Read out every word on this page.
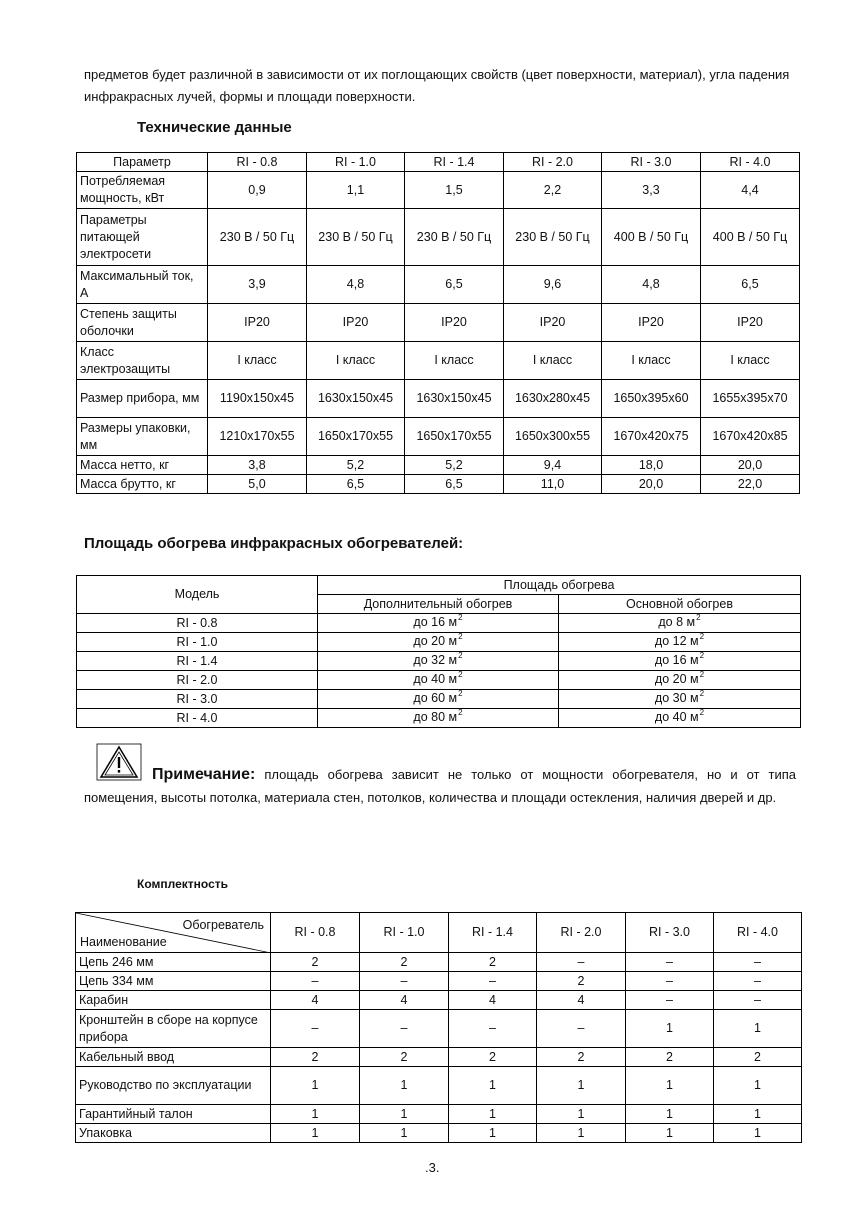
предметов будет различной в зависимости от их поглощающих свойств (цвет поверхности, материал), угла падения инфракрасных лучей, формы и площади поверхности.
Технические данные
Параметр	RI - 0.8	RI - 1.0	RI - 1.4	RI - 2.0	RI - 3.0	RI - 4.0
Потребляемая мощность, кВт	0,9	1,1	1,5	2,2	3,3	4,4
Параметры питающей электросети	230 В / 50 Гц	230 В / 50 Гц	230 В / 50 Гц	230 В / 50 Гц	400 В / 50 Гц	400 В / 50 Гц
Максимальный ток, А	3,9	4,8	6,5	9,6	4,8	6,5
Степень защиты оболочки	IP20	IP20	IP20	IP20	IP20	IP20
Класс электрозащиты	I класс	I класс	I класс	I класс	I класс	I класс
Размер прибора, мм	1190х150х45	1630х150х45	1630х150х45	1630х280х45	1650х395х60	1655х395х70
Размеры упаковки, мм	1210х170х55	1650х170х55	1650х170х55	1650х300х55	1670х420х75	1670х420х85
Масса нетто, кг	3,8	5,2	5,2	9,4	18,0	20,0
Масса брутто, кг	5,0	6,5	6,5	11,0	20,0	22,0
Площадь обогрева инфракрасных обогревателей:
Модель	Площадь обогрева	
	Дополнительный обогрев	Основной обогрев
RI - 0.8	до 16 $м^2$	до 8 $м^2$
RI - 1.0	до 20 $м^2$	до 12 $м^2$
RI - 1.4	до 32 $м^2$	до 16 $м^2$
RI - 2.0	до 40 $м^2$	до 20 $м^2$
RI - 3.0	до 60 $м^2$	до 30 $м^2$
RI - 4.0	до 80 $м^2$	до 40 $м^2$
Примечание: площадь обогрева зависит не только от мощности обогревателя, но и от типа помещения, высоты потолка, материала стен, потолков, количества и площади остекления, наличия дверей и др.
Комплектность
Обогреватель
Наименование	RI - 0.8	RI - 1.0	RI - 1.4	RI - 2.0	RI - 3.0	RI - 4.0
Цепь 246 мм	2	2	2	–	–	–
Цепь 334 мм	–	–	–	2	–	–
Карабин	4	4	4	4	–	–
Кронштейн в сборе на корпусе прибора	–	–	–	–	1	1
Кабельный ввод	2	2	2	2	2	2
Руководство по эксплуатации	1	1	1	1	1	1
Гарантийный талон	1	1	1	1	1	1
Упаковка	1	1	1	1	1	1
.3.
